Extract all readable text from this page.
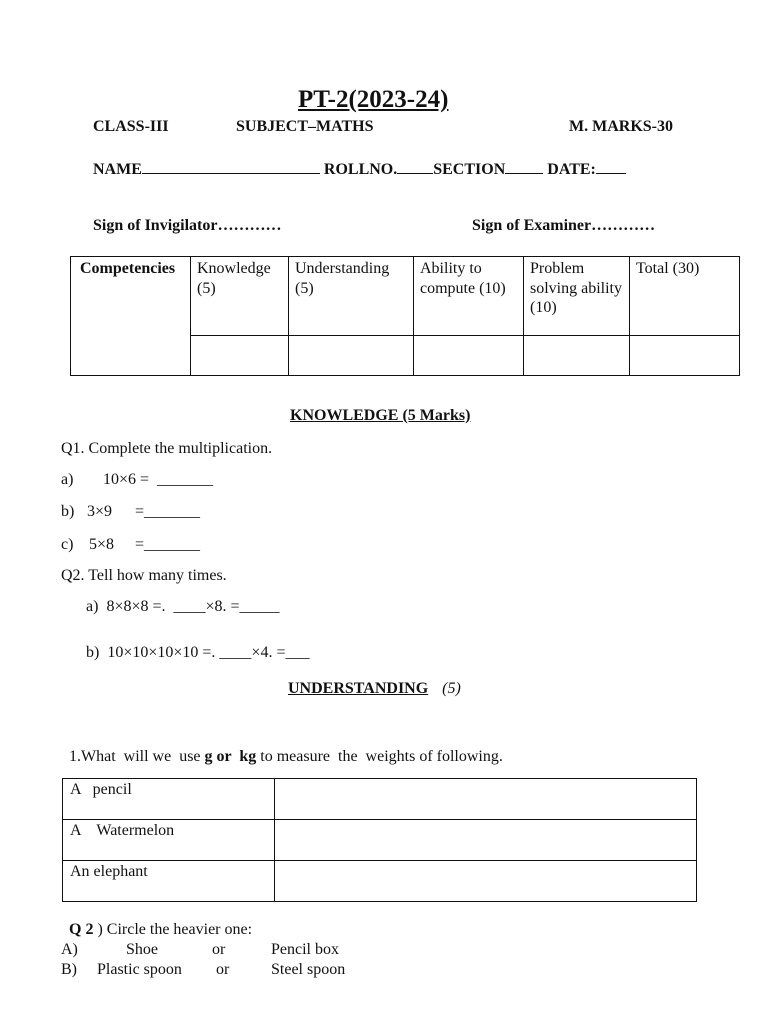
PT-2(2023-24)
CLASS-III	SUBJECT–MATHS	M. MARKS-30
NAME	ROLLNO. SECTION	DATE:
Sign of Invigilator…………	Sign of Examiner…………
Competencies	Knowledge (5)	Understanding (5)	Ability to compute (10)	Problem solving ability (10)	Total (30)

KNOWLEDGE (5 Marks)
Q1. Complete the multiplication.
a) 10×6 = _______
b) 3×9 =_______
c) 5×8 =_______
Q2. Tell how many times.
a) 8×8×8 =.  ____×8. =_____
b) 10×10×10×10 =. ____×4. =___
UNDERSTANDING (5)

1.What  will we  use g or  kg to measure  the  weights of following.

A   pencil	
A    Watermelon	
An elephant	

Q 2 ) Circle the heavier one:

A)	Shoe	or	Pencil box
B) Plastic spoon or	Steel spoon
